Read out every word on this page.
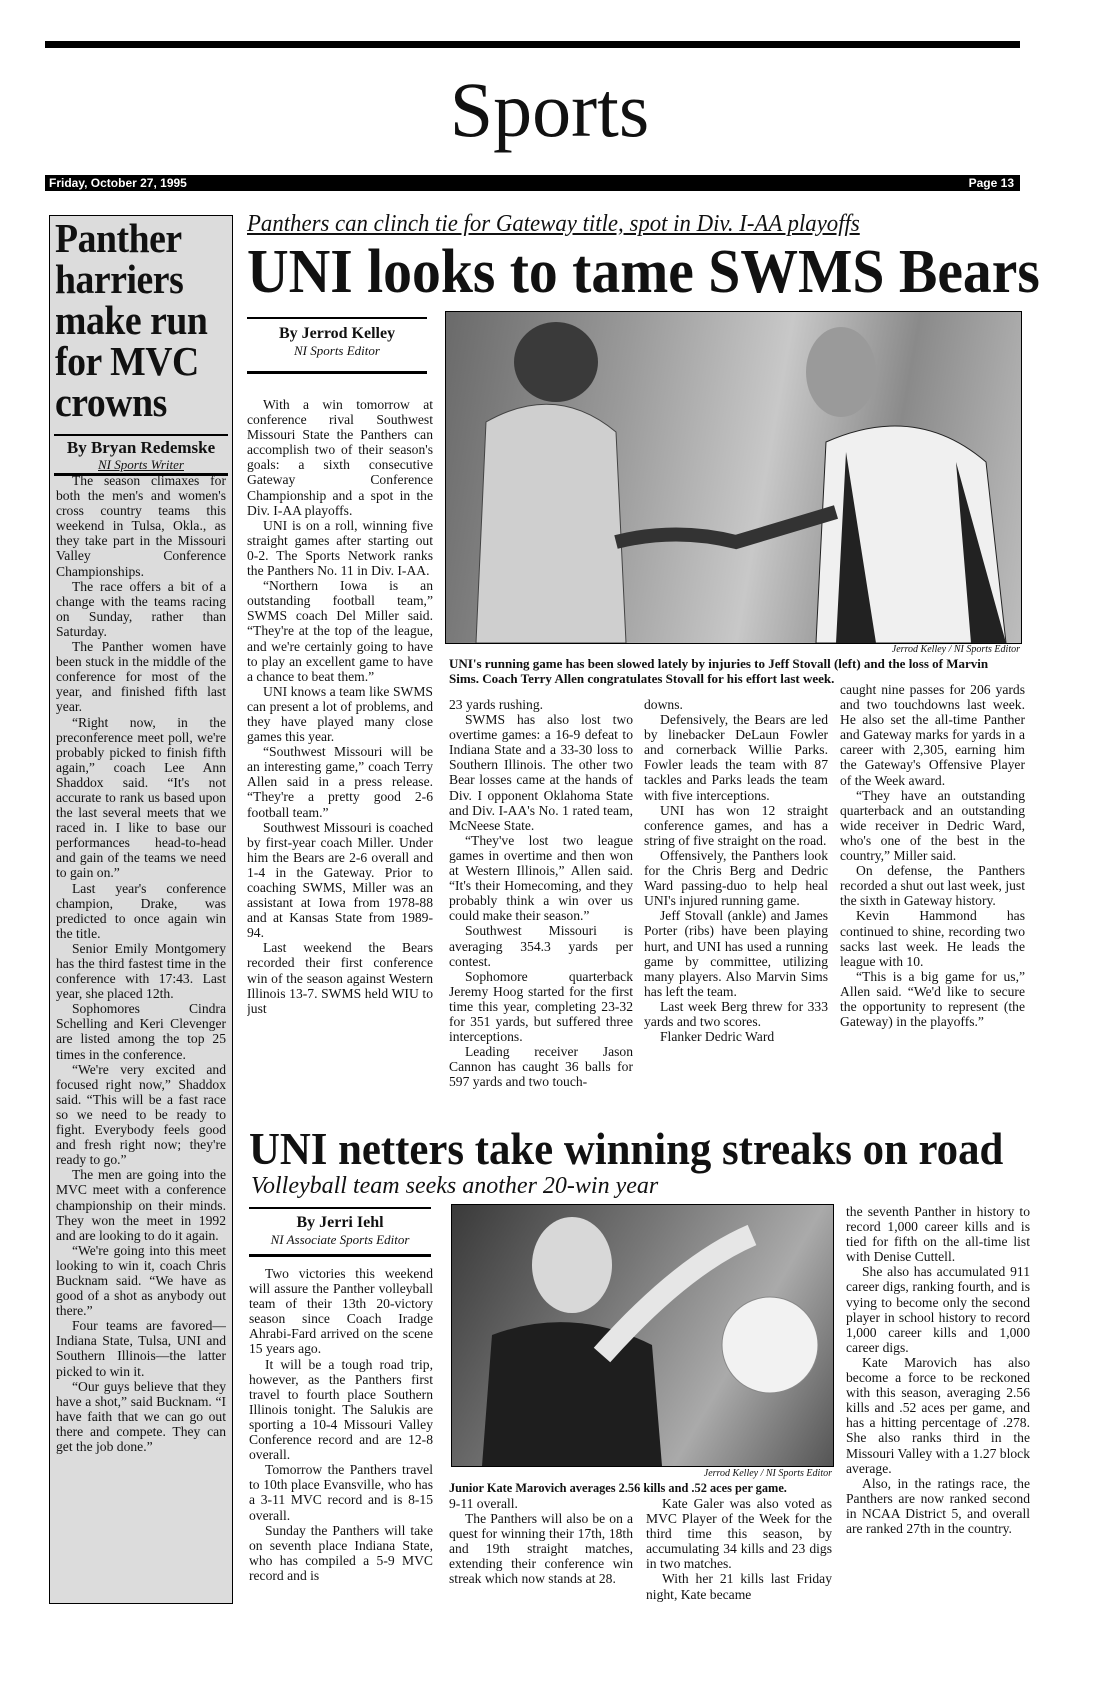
Sports
Friday, October 27, 1995	Page 13
Panther harriers make run for MVC crowns
By Bryan Redemske
NI Sports Writer

The season climaxes for both the men's and women's cross country teams this weekend in Tulsa, Okla., as they take part in the Missouri Valley Conference Championships.

The race offers a bit of a change with the teams racing on Sunday, rather than Saturday.

The Panther women have been stuck in the middle of the conference for most of the year, and finished fifth last year.

“Right now, in the preconference meet poll, we're probably picked to finish fifth again,” coach Lee Ann Shaddox said. “It's not accurate to rank us based upon the last several meets that we raced in. I like to base our performances head-to-head and gain of the teams we need to gain on.”

Last year's conference champion, Drake, was predicted to once again win the title.

Senior Emily Montgomery has the third fastest time in the conference with 17:43. Last year, she placed 12th.

Sophomores Cindra Schelling and Keri Clevenger are listed among the top 25 times in the conference.

“We're very excited and focused right now,” Shaddox said. “This will be a fast race so we need to be ready to fight. Everybody feels good and fresh right now; they're ready to go.”

The men are going into the MVC meet with a conference championship on their minds. They won the meet in 1992 and are looking to do it again.

“We're going into this meet looking to win it, coach Chris Bucknam said. “We have as good of a shot as anybody out there.”

Four teams are favored—Indiana State, Tulsa, UNI and Southern Illinois—the latter picked to win it.

“Our guys believe that they have a shot,” said Bucknam. “I have faith that we can go out there and compete. They can get the job done.”

Panthers can clinch tie for Gateway title, spot in Div. I-AA playoffs
UNI looks to tame SWMS Bears
By Jerrod Kelley
NI Sports Editor

With a win tomorrow at conference rival Southwest Missouri State the Panthers can accomplish two of their season's goals: a sixth consecutive Gateway Conference Championship and a spot in the Div. I-AA playoffs.

UNI is on a roll, winning five straight games after starting out 0-2. The Sports Network ranks the Panthers No. 11 in Div. I-AA.

“Northern Iowa is an outstanding football team,” SWMS coach Del Miller said. “They're at the top of the league, and we're certainly going to have to play an excellent game to have a chance to beat them.”

UNI knows a team like SWMS can present a lot of problems, and they have played many close games this year.

“Southwest Missouri will be an interesting game,” coach Terry Allen said in a press release. “They're a pretty good 2-6 football team.”

Southwest Missouri is coached by first-year coach Miller. Under him the Bears are 2-6 overall and 1-4 in the Gateway. Prior to coaching SWMS, Miller was an assistant at Iowa from 1978-88 and at Kansas State from 1989-94.

Last weekend the Bears recorded their first conference win of the season against Western Illinois 13-7. SWMS held WIU to just

Jerrod Kelley / NI Sports Editor
UNI's running game has been slowed lately by injuries to Jeff Stovall (left) and the loss of Marvin Sims. Coach Terry Allen congratulates Stovall for his effort last week.

23 yards rushing.

SWMS has also lost two overtime games: a 16-9 defeat to Indiana State and a 33-30 loss to Southern Illinois. The other two Bear losses came at the hands of Div. I opponent Oklahoma State and Div. I-AA's No. 1 rated team, McNeese State.

“They've lost two league games in overtime and then won at Western Illinois,” Allen said. “It's their Homecoming, and they probably think a win over us could make their season.”

Southwest Missouri is averaging 354.3 yards per contest.

Sophomore quarterback Jeremy Hoog started for the first time this year, completing 23-32 for 351 yards, but suffered three interceptions.

Leading receiver Jason Cannon has caught 36 balls for 597 yards and two touch-

downs.

Defensively, the Bears are led by linebacker DeLaun Fowler and cornerback Willie Parks. Fowler leads the team with 87 tackles and Parks leads the team with five interceptions.

UNI has won 12 straight conference games, and has a string of five straight on the road.

Offensively, the Panthers look for the Chris Berg and Dedric Ward passing-duo to help heal UNI's injured running game.

Jeff Stovall (ankle) and James Porter (ribs) have been playing hurt, and UNI has used a running game by committee, utilizing many players. Also Marvin Sims has left the team.

Last week Berg threw for 333 yards and two scores.

Flanker Dedric Ward

caught nine passes for 206 yards and two touchdowns last week. He also set the all-time Panther and Gateway marks for yards in a career with 2,305, earning him the Gateway's Offensive Player of the Week award.

“They have an outstanding quarterback and an outstanding wide receiver in Dedric Ward, who's one of the best in the country,” Miller said.

On defense, the Panthers recorded a shut out last week, just the sixth in Gateway history.

Kevin Hammond has continued to shine, recording two sacks last week. He leads the league with 10.

“This is a big game for us,” Allen said. “We'd like to secure the opportunity to represent (the Gateway) in the playoffs.”

UNI netters take winning streaks on road
Volleyball team seeks another 20-win year
By Jerri Iehl
NI Associate Sports Editor

Two victories this weekend will assure the Panther volleyball team of their 13th 20-victory season since Coach Iradge Ahrabi-Fard arrived on the scene 15 years ago.

It will be a tough road trip, however, as the Panthers first travel to fourth place Southern Illinois tonight. The Salukis are sporting a 10-4 Missouri Valley Conference record and are 12-8 overall.

Tomorrow the Panthers travel to 10th place Evansville, who has a 3-11 MVC record and is 8-15 overall.

Sunday the Panthers will take on seventh place Indiana State, who has compiled a 5-9 MVC record and is

Jerrod Kelley / NI Sports Editor
Junior Kate Marovich averages 2.56 kills and .52 aces per game.

9-11 overall.

The Panthers will also be on a quest for winning their 17th, 18th and 19th straight matches, extending their conference win streak which now stands at 28.

Kate Galer was also voted as MVC Player of the Week for the third time this season, by accumulating 34 kills and 23 digs in two matches.

With her 21 kills last Friday night, Kate became

the seventh Panther in history to record 1,000 career kills and is tied for fifth on the all-time list with Denise Cuttell.

She also has accumulated 911 career digs, ranking fourth, and is vying to become only the second player in school history to record 1,000 career kills and 1,000 career digs.

Kate Marovich has also become a force to be reckoned with this season, averaging 2.56 kills and .52 aces per game, and has a hitting percentage of .278. She also ranks third in the Missouri Valley with a 1.27 block average.

Also, in the ratings race, the Panthers are now ranked second in NCAA District 5, and overall are ranked 27th in the country.
